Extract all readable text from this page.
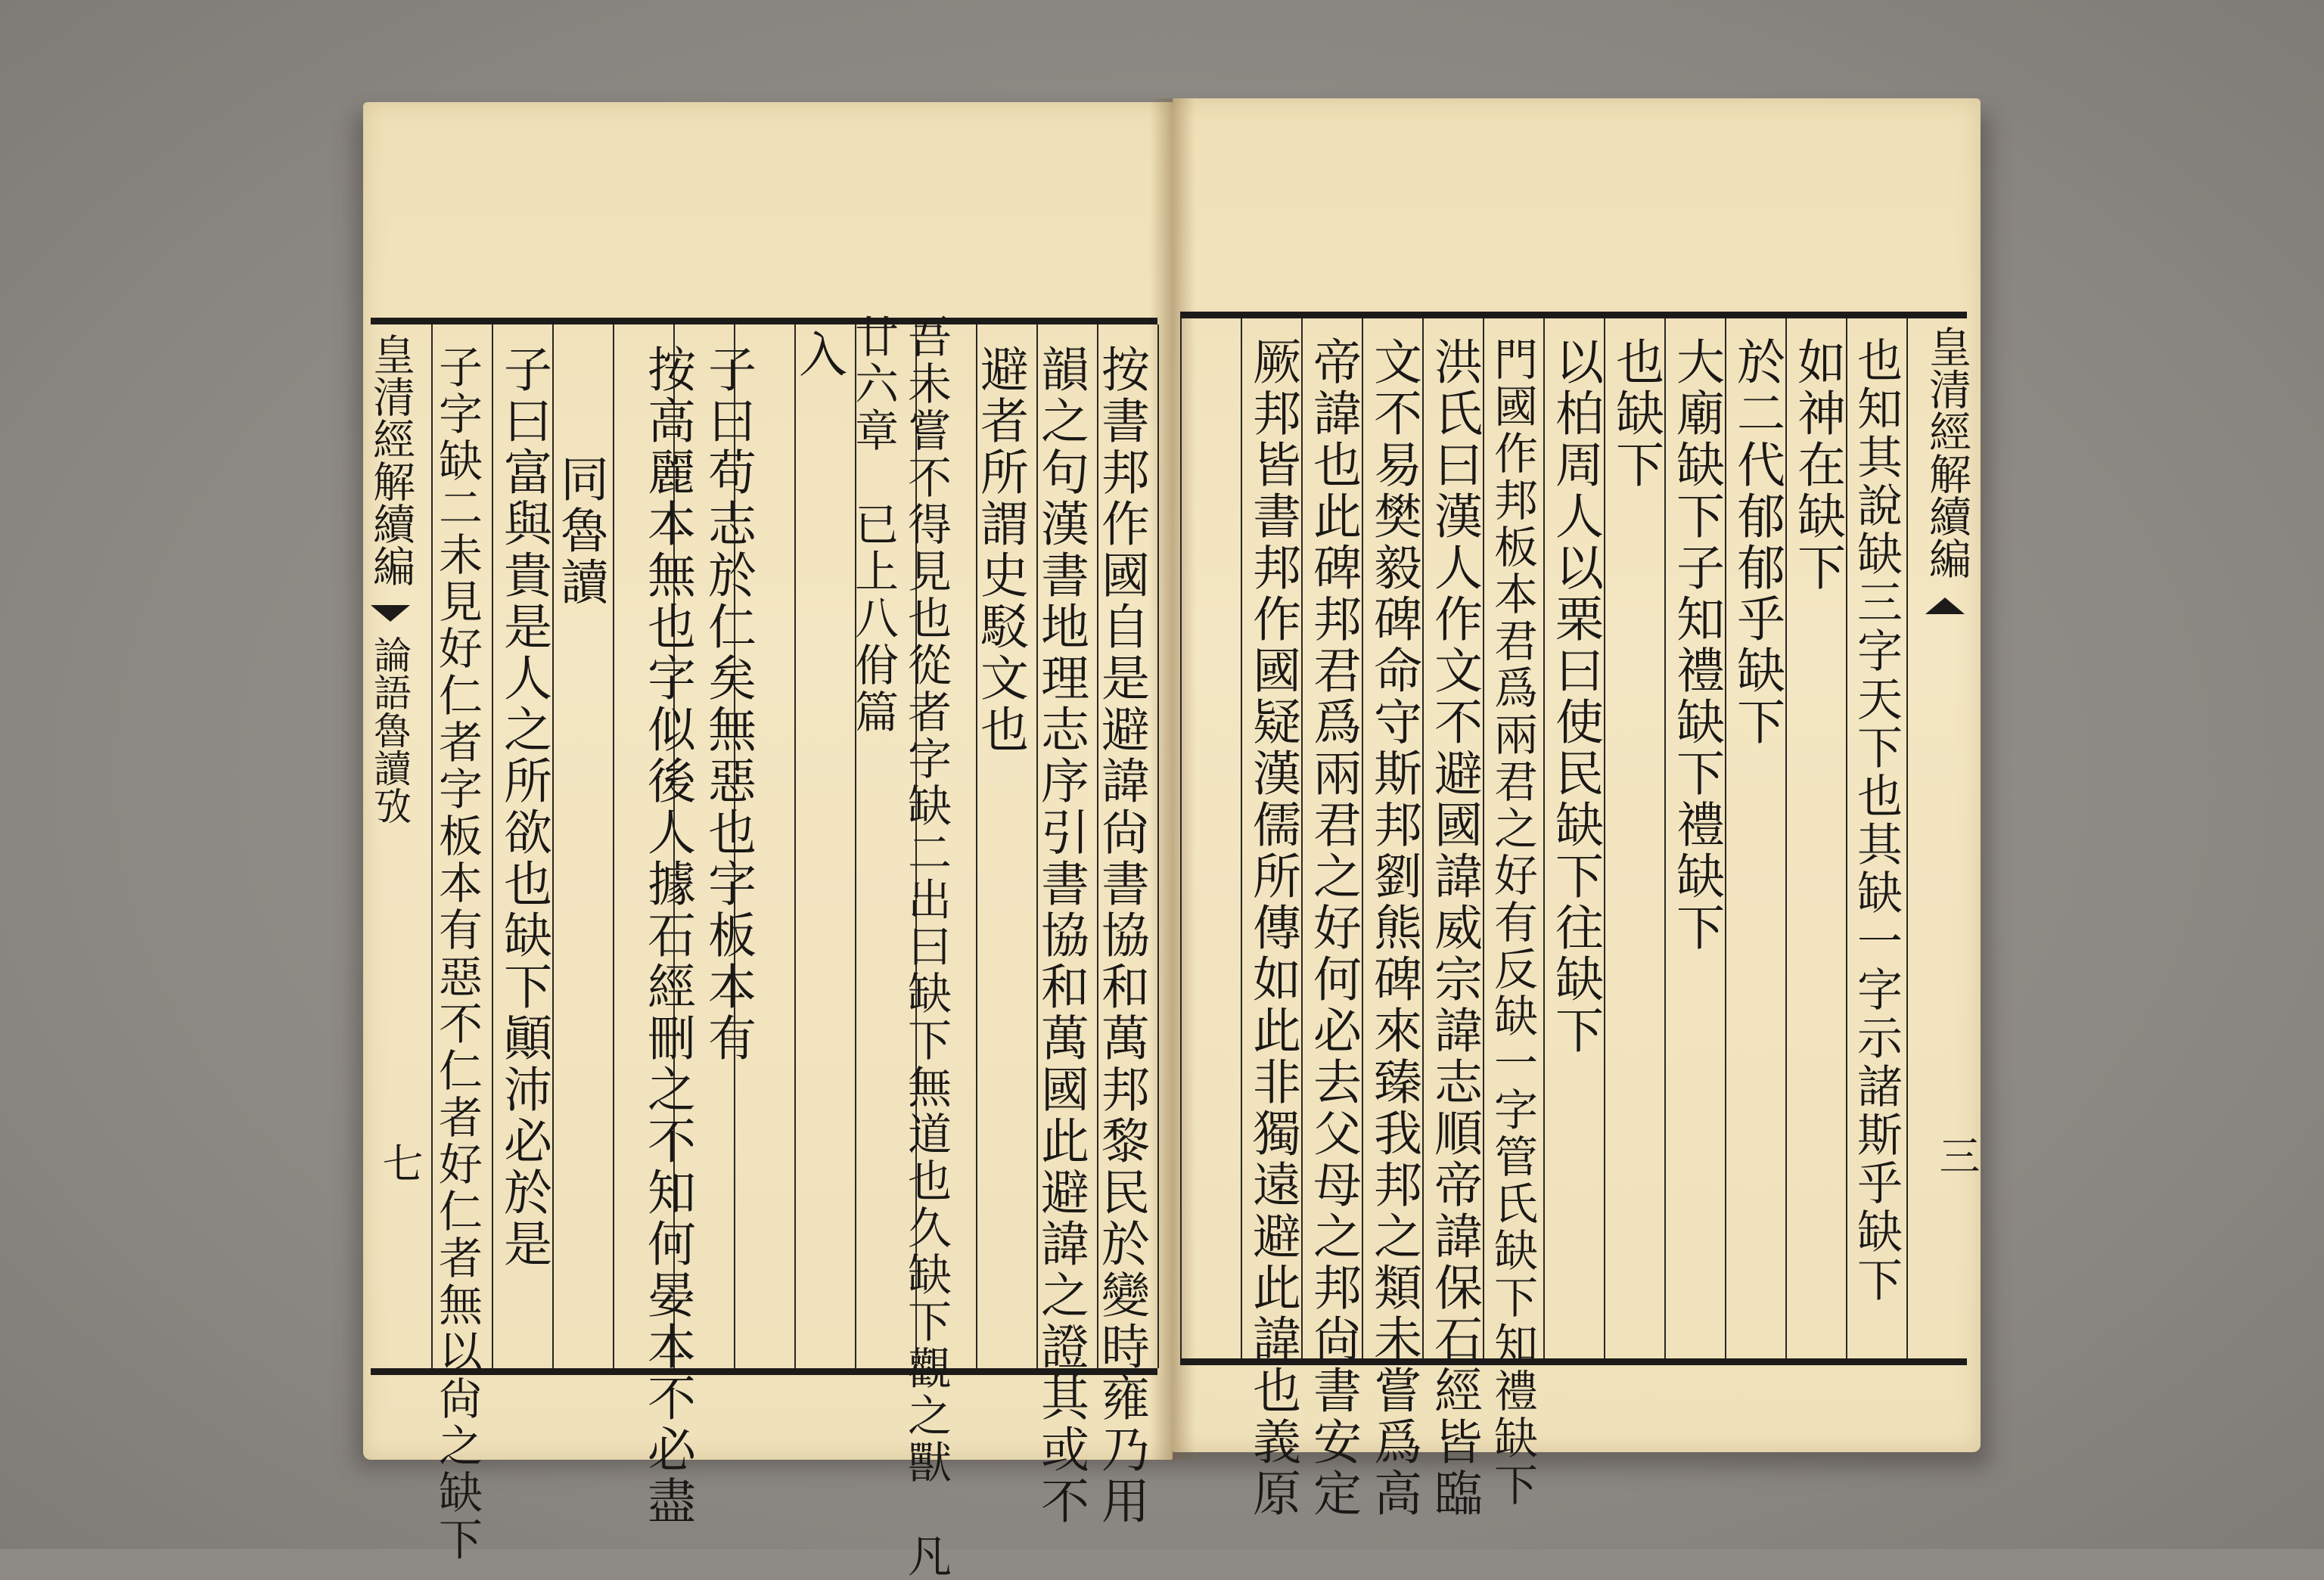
皇清經解續編
論語魯讀攷
七	按書邦作國自是避諱尙書協和萬邦黎民於變時雍乃用
韻之句漢書地理志序引書協和萬國此避諱之證其或不
避者所謂史駁文也
吾未嘗不得見也從者字缺二出曰缺下無道也久缺下觀之獸　凡
廿六章　已上八佾篇
入
子曰苟志於仁矣無惡也字板本有
按高麗本無也字似後人據石經刪之不知何晏本不必盡
同魯讀
子曰富與貴是人之所欲也缺下顚沛必於是
子字缺二未見好仁者字板本有惡不仁者好仁者無以尙之缺下	皇清經解續編
三
也知其說缺三字天下也其缺一字示諸斯乎缺下
如神在缺下
於二代郁郁乎缺下
大廟缺下子知禮缺下禮缺下
也缺下
以柏周人以栗曰使民缺下往缺下
門國作邦板本君爲兩君之好有反缺一字管氏缺下知禮缺下
洪氏曰漢人作文不避國諱威宗諱志順帝諱保石經皆臨
文不易樊毅碑命守斯邦劉熊碑來臻我邦之類未嘗爲高
帝諱也此碑邦君爲兩君之好何必去父母之邦尙書安定
厥邦皆書邦作國疑漢儒所傳如此非獨遠避此諱也義原
